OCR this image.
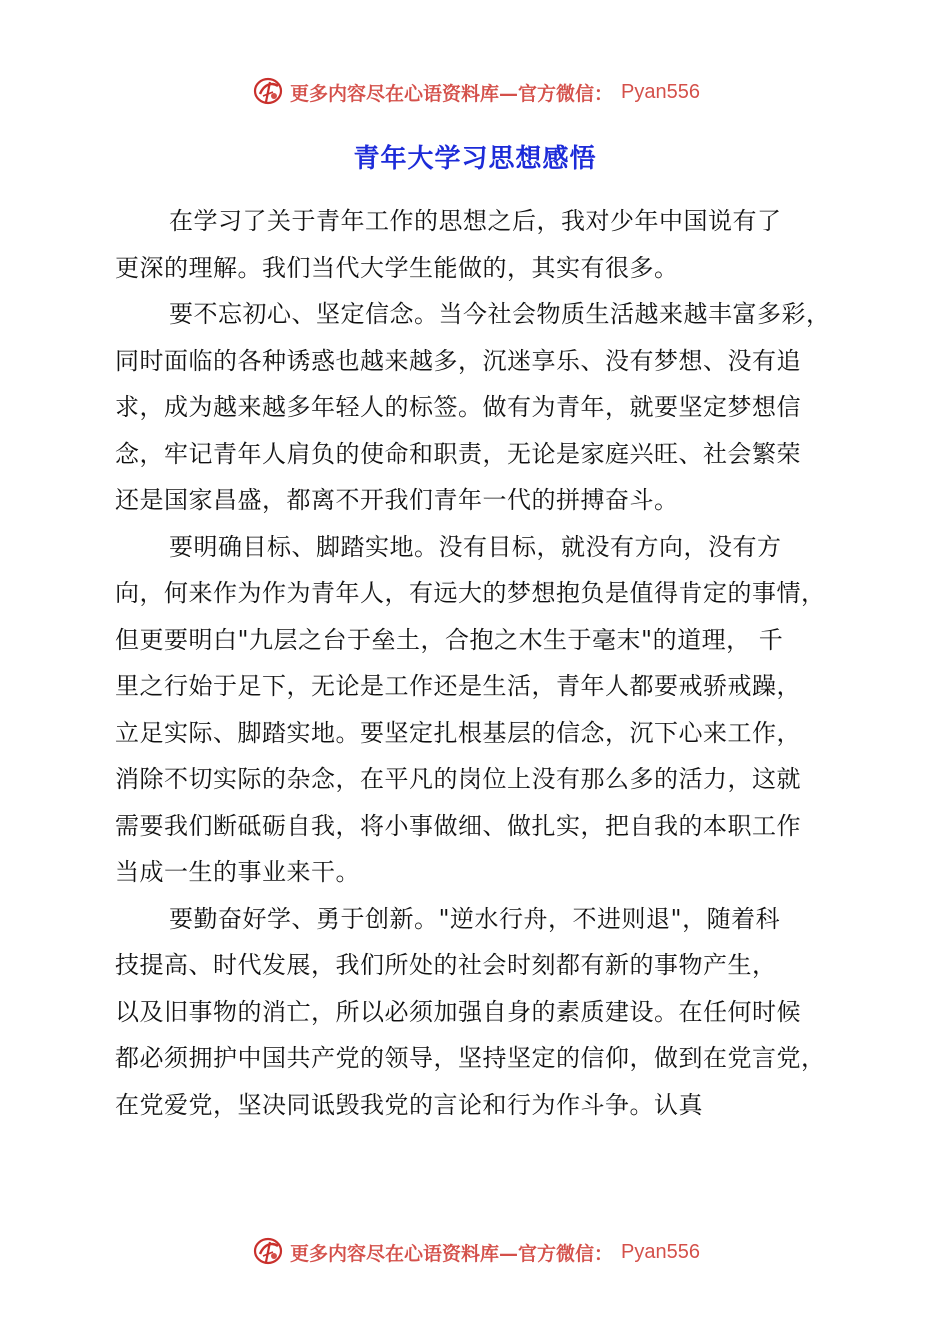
更多内容尽在心语资料库—官方微信： Pyan556
青年大学习思想感悟
在学习了关于青年工作的思想之后，我对少年中国说有了
更深的理解。我们当代大学生能做的，其实有很多。
要不忘初心、坚定信念。当今社会物质生活越来越丰富多彩，
同时面临的各种诱惑也越来越多，沉迷享乐、没有梦想、没有追
求，成为越来越多年轻人的标签。做有为青年，就要坚定梦想信
念，牢记青年人肩负的使命和职责，无论是家庭兴旺、社会繁荣
还是国家昌盛，都离不开我们青年一代的拼搏奋斗。
要明确目标、脚踏实地。没有目标，就没有方向，没有方
向，何来作为作为青年人，有远大的梦想抱负是值得肯定的事情，
但更要明白"九层之台于垒土，合抱之木生于毫末"的道理， 千
里之行始于足下，无论是工作还是生活，青年人都要戒骄戒躁，
立足实际、脚踏实地。要坚定扎根基层的信念，沉下心来工作，
消除不切实际的杂念，在平凡的岗位上没有那么多的活力，这就
需要我们断砥砺自我，将小事做细、做扎实，把自我的本职工作
当成一生的事业来干。
要勤奋好学、勇于创新。"逆水行舟，不进则退"，随着科
技提高、时代发展，我们所处的社会时刻都有新的事物产生，
以及旧事物的消亡，所以必须加强自身的素质建设。在任何时候
都必须拥护中国共产党的领导，坚持坚定的信仰，做到在党言党，
在党爱党，坚决同诋毁我党的言论和行为作斗争。认真
更多内容尽在心语资料库—官方微信： Pyan556
